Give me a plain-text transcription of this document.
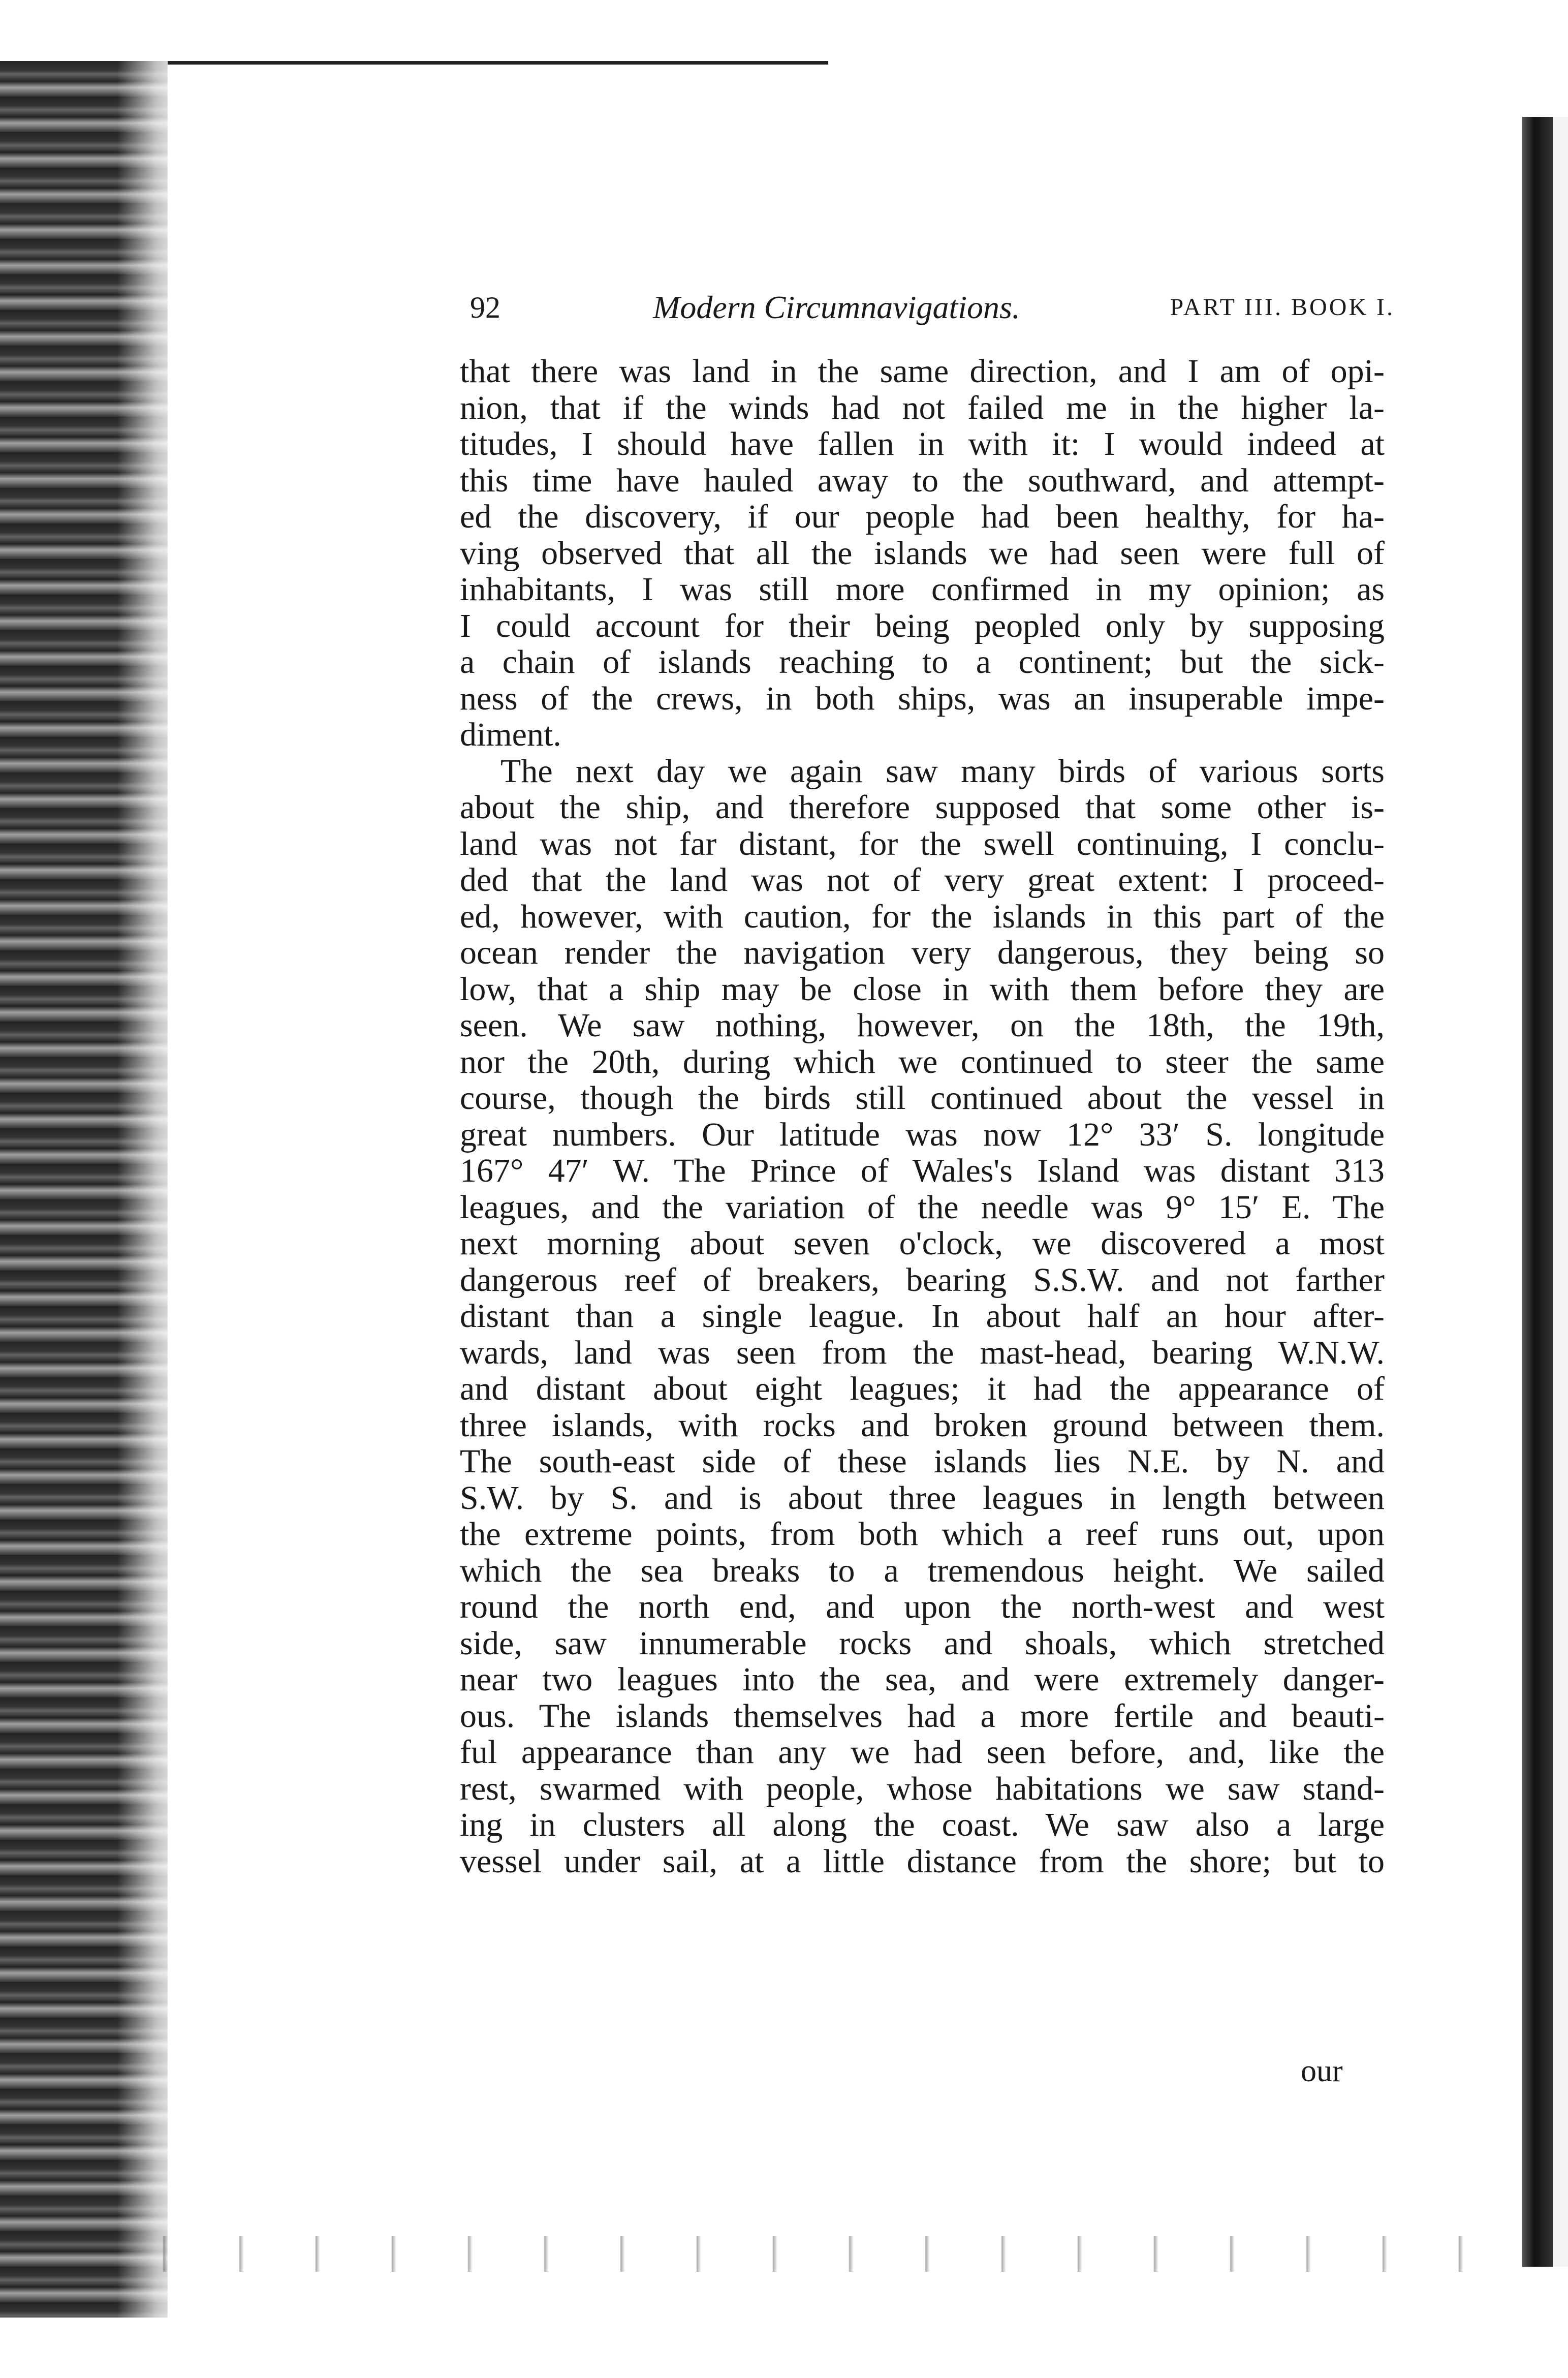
92	Modern Circumnavigations.	PART III. BOOK I.
that there was land in the same direction, and I am of opi-
nion, that if the winds had not failed me in the higher la-
titudes, I should have fallen in with it: I would indeed at
this time have hauled away to the southward, and attempt-
ed the discovery, if our people had been healthy, for ha-
ving observed that all the islands we had seen were full of
inhabitants, I was still more confirmed in my opinion; as
I could account for their being peopled only by supposing
a chain of islands reaching to a continent; but the sick-
ness of the crews, in both ships, was an insuperable impe-
diment.
The next day we again saw many birds of various sorts
about the ship, and therefore supposed that some other is-
land was not far distant, for the swell continuing, I conclu-
ded that the land was not of very great extent: I proceed-
ed, however, with caution, for the islands in this part of the
ocean render the navigation very dangerous, they being so
low, that a ship may be close in with them before they are
seen. We saw nothing, however, on the 18th, the 19th,
nor the 20th, during which we continued to steer the same
course, though the birds still continued about the vessel in
great numbers. Our latitude was now 12° 33′ S. longitude
167° 47′ W. The Prince of Wales's Island was distant 313
leagues, and the variation of the needle was 9° 15′ E. The
next morning about seven o'clock, we discovered a most
dangerous reef of breakers, bearing S.S.W. and not farther
distant than a single league. In about half an hour after-
wards, land was seen from the mast-head, bearing W.N.W.
and distant about eight leagues; it had the appearance of
three islands, with rocks and broken ground between them.
The south-east side of these islands lies N.E. by N. and
S.W. by S. and is about three leagues in length between
the extreme points, from both which a reef runs out, upon
which the sea breaks to a tremendous height. We sailed
round the north end, and upon the north-west and west
side, saw innumerable rocks and shoals, which stretched
near two leagues into the sea, and were extremely danger-
ous. The islands themselves had a more fertile and beauti-
ful appearance than any we had seen before, and, like the
rest, swarmed with people, whose habitations we saw stand-
ing in clusters all along the coast. We saw also a large
vessel under sail, at a little distance from the shore; but to
our
